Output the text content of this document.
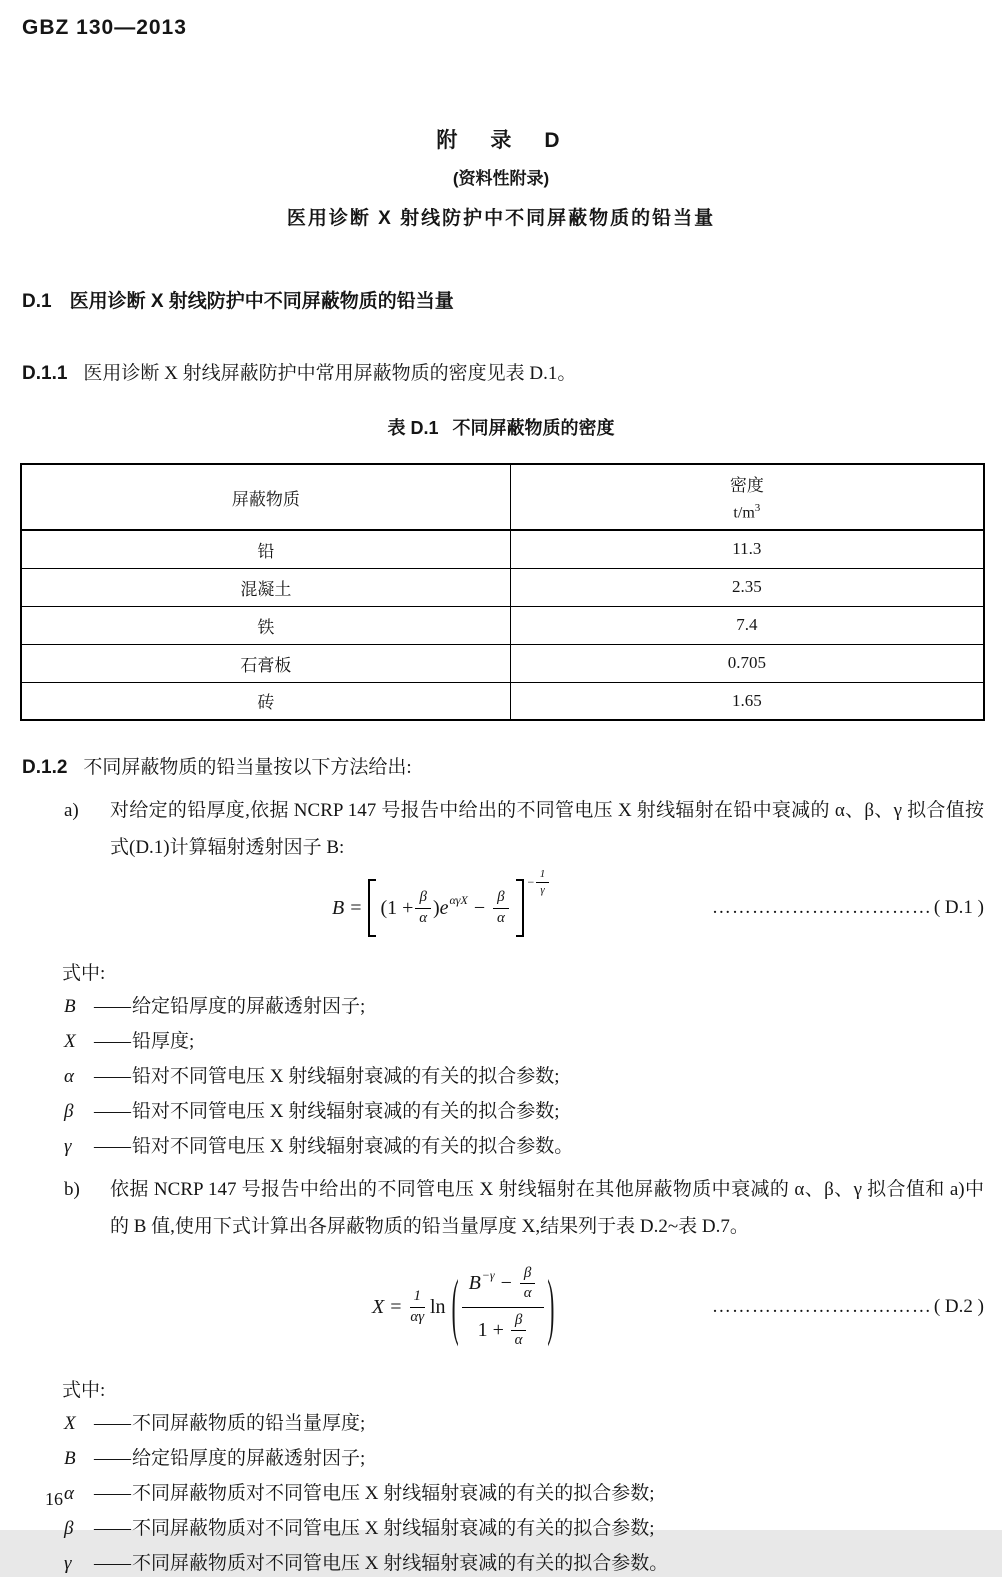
GBZ 130—2013
附　录　D
(资料性附录)
医用诊断 X 射线防护中不同屏蔽物质的铅当量
D.1 医用诊断 X 射线防护中不同屏蔽物质的铅当量

D.1.1 医用诊断 X 射线屏蔽防护中常用屏蔽物质的密度见表 D.1。

表 D.1 不同屏蔽物质的密度
屏蔽物质	密度
$t/m^3$

铅	11.3
混凝土	2.35
铁	7.4
石膏板	0.705
砖	1.65

D.1.2 不同屏蔽物质的铅当量按以下方法给出:

a) 对给定的铅厚度,依据 NCRP 147 号报告中给出的不同管电压 X 射线辐射在铅中衰减的 α、β、γ 拟合值按式(D.1)计算辐射透射因子 B:
$B = (1 + \frac{\beta}{\alpha}$ ) $e^{\alpha\gamma X} - \frac{\beta}{\alpha}$
− $\frac{1}{\gamma}$
…………………………… ( D.1 )
式中:
B —— 给定铅厚度的屏蔽透射因子;
X —— 铅厚度;
α	—— 铅对不同管电压 X 射线辐射衰减的有关的拟合参数;
β	—— 铅对不同管电压 X 射线辐射衰减的有关的拟合参数;
γ	—— 铅对不同管电压 X 射线辐射衰减的有关的拟合参数。
b) 依据 NCRP 147 号报告中给出的不同管电压 X 射线辐射在其他屏蔽物质中衰减的 α、β、γ 拟合值和 a)中的 B 值,使用下式计算出各屏蔽物质的铅当量厚度 X,结果列于表 D.2~表 D.7。
$X = \frac{1}{\alpha\gamma}$ ln ( $\frac{B^{-\gamma} - \frac{\beta}{\alpha}}{1 + \frac{\beta}{\alpha}}$ )	…………………………… ( D.2 )
式中:
X —— 不同屏蔽物质的铅当量厚度;
B —— 给定铅厚度的屏蔽透射因子;
α	—— 不同屏蔽物质对不同管电压 X 射线辐射衰减的有关的拟合参数;
β	—— 不同屏蔽物质对不同管电压 X 射线辐射衰减的有关的拟合参数;
γ	—— 不同屏蔽物质对不同管电压 X 射线辐射衰减的有关的拟合参数。
16
